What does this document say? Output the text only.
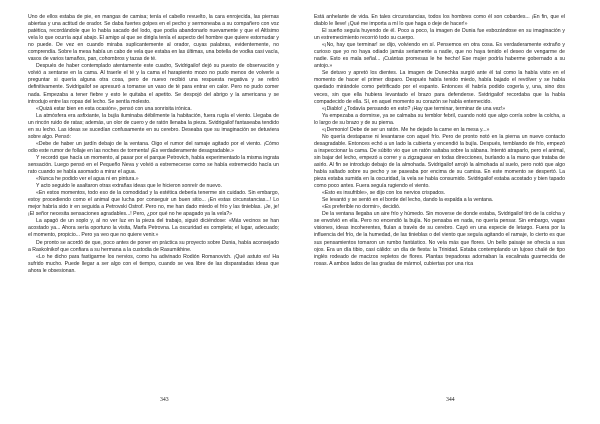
Uno de ellos estaba de pie, en mangas de camisa; tenía el cabello revuelto, la cara enrojecida, las piernas abiertas y una actitud de orador. Se daba fuertes golpes en el pecho y sermoneaba a su compañero con voz patética, recordándole que lo había sacado del lodo, que podía abandonarlo nuevamente y que el Altísimo veía lo que ocurría aquí abajo. El amigo al que se dirigía tenía el aspecto del hombre que quiere estornudar y no puede. De vez en cuando miraba suplicantemente al orador, cuyas palabras, evidentemente, no comprendía. Sobre la mesa había un cabo de vela que estaba en las últimas, una botella de vodka casi vacía, vasos de varios tamaños, pan, cohombros y tazas de té.

Después de haber contemplado atentamente este cuadro, Svidrigailof dejó su puesto de observación y volvió a sentarse en la cama. Al traerle el té y la cama el harapiento mozo no pudo menos de volverle a preguntar si quería alguna otra cosa, pero de nuevo recibió una respuesta negativa y se retiró definitivamente. Svidrigailof se apresuró a tomarse un vaso de té para entrar en calor. Pero no pudo comer nada. Empezaba a tener fiebre y esto le quitaba el apetito. Se despojó del abrigo y la americana y se introdujo entre las ropas del lecho. Se sentía molesto.

«Quizá estar bien en esta ocasión», pensó con una sonrisita irónica.

La atmósfera era asfixiante, la bujía iluminaba débilmente la habitación, fuera rugía el viento. Llegaba de un rincón ruido de ratas; además, un olor de cuero y de ratón llenaba la pieza. Svidrigailof fantaseaba tendido en su lecho. Las ideas se sucedían confusamente en su cerebro. Deseaba que su imaginación se detuviera sobre algo. Pensó:

«Debe de haber un jardín debajo de la ventana. Oigo el rumor del ramaje agitado por el viento. ¡Cómo odio este rumor de follaje en las noches de tormenta! ¡Es verdaderamente desagradable.»

Y recordó que hacía un momento, al pasar por el parque Petrovich, había experimentado la misma ingrata sensación. Luego pensó en el Pequeño Neva y volvió a estremecerse como se había estremecido hacía un rato cuando se había asomado a mirar el agua.

«Nunca he podido ver el agua ni en pintura.»

Y acto seguido le asaltaron otras extrañas ideas que le hicieron sonreír de nuevo.

«En estos momentos, todo eso de la comodidad y la estética debería tenerme sin cuidado. Sin embargo, estoy procediendo como el animal que lucha por conseguir un buen sitio... ¡En estas circunstancias...! Lo mejor habría sido ir en seguida a Petrovski Ostrof. Pero no, me han dado miedo el frío y las tinieblas. ¡Je, je! ¡El señor necesita sensaciones agradables...! Pero, ¿por qué no he apagado ya la vela?»

La apagó de un soplo y, al no ver luz en la pieza del trabajo, siguió diciéndose: «Más vecinos se han acostado ya... Ahora sería oportuno la visita, Marfa Petrovna. La oscuridad es completa; el lugar, adecuado; el momento, propicio... Pero ya veo que no quiere venir.»

De pronto se acordó de que, poco antes de poner en práctica su proyecto sobre Dunia, había aconsejado a Raskolnikof que confiara a su hermana a la custodia de Rasumikhine.

«Lo he dicho para fastigarme los nervios, como ha adivinado Rodión Romanovich. ¡Qué astuto es! Ha sufrido mucho. Puede llegar a ser algo con el tiempo, cuando se vea libre de las disparatadas ideas que ahora le obsesionan.

343

Está anhelante de vida. En tales circunstancias, todos los hombres como él son cobardes... ¡En fin, que el diablo le lleve! ¡Qué me importa a mí lo que haga o deje de hacer!»

El sueño seguía huyendo de él. Poco a poco, la imagen de Dunia fue esbozándose en su imaginación y un estremecimiento recorrió todo su cuerpo.

«¡No, hay que terminar! se dijo, volviendo en sí. Pensemos en otra cosa. Es verdaderamente extraño y curioso que yo no haya odiado jamás seriamente a nadie, que no haya tenido el deseo de vengarme de nadie. Esto es mala señal... ¡Cuántas promesas le he hecho! Ese mujer podría haberme gobernado a su antojo.»

Se detuvo y apretó los dientes. La imagen de Dunechka surgió ante él tal como la había visto en el momento de hacer el primer disparo. Después había tenido miedo, había bajado el revólver y se había quedado mirándole como petrificado por el espanto. Entonces él habría podido cogerla y, una, sino dos veces, sin que ella hubiera levantado el brazo para defenderse. Svidrigailof recordaba que la había compadecido de ella. Sí, en aquel momento su corazón se había enternecido.

«¡Diablo! ¿Todavía pensando en esto? ¡Hay que terminar, terminar de una vez!»

Ya empezaba a dormirse, ya se calmaba su temblor febril, cuando notó que algo corría sobre la colcha, a lo largo de su brazo y de su pierna.

«¡Demonio! Debe de ser un ratón. Me he dejado la carne en la mesa y...»

No quería destaparse ni levantarse con aquel frío. Pero de pronto notó en la pierna un nuevo contacto desagradable. Entonces echó a un lado la cubierta y encendió la bujía. Después, temblando de frío, empezó a inspeccionar la cama. De súbito vio que un ratón saltaba sobre la sábana. Intentó atraparlo, pero el animal, sin bajar del lecho, empezó a correr y a zigzaguear en todas direcciones, burlando a la mano que trataba de asirlo. Al fin se introdujo debajo de la almohada. Svidrigailof arrojó la almohada al suelo, pero notó que algo había saltado sobre su pecho y se paseaba por encima de su camisa. En este momento se despertó. La pieza estaba sumida en la oscuridad, la vela se había consumido. Svidrigailof estaba acostado y bien tapado como poco antes. Fuera seguía rugiendo el viento.

«Esto es insufrible», se dijo con los nervios crispados.

Se levantó y se sentó en el borde del lecho, dando la espalda a la ventana.

«Es preferible no dormir», decidió.

De la ventana llegaba un aire frío y húmedo. Sin moverse de donde estaba, Svidrigailof tiró de la colcha y se envolvió en ella. Pero no encendió la bujía. No pensaba en nada, no quería pensar. Sin embargo, vagas visiones, ideas incoherentes, fluían a través de su cerebro. Cayó en una especie de letargo. Fuera por la influencia del frío, de la humedad, de las tinieblas o del viento que seguía agitando el ramaje, lo cierto es que sus pensamientos tomaron un rumbo fantástico. No veía más que flores. Un bello paisaje se ofrecía a sus ojos. Era un día tibio, casi cálido: un día de fiesta: la Trinidad. Estaba contemplando un lujoso chalé de tipo inglés rodeado de macizos repletos de flores. Plantas trepadoras adornaban la escalinata guarnecida de rosas. A ambos lados de las gradas de mármol, cubiertas por una rica

344
